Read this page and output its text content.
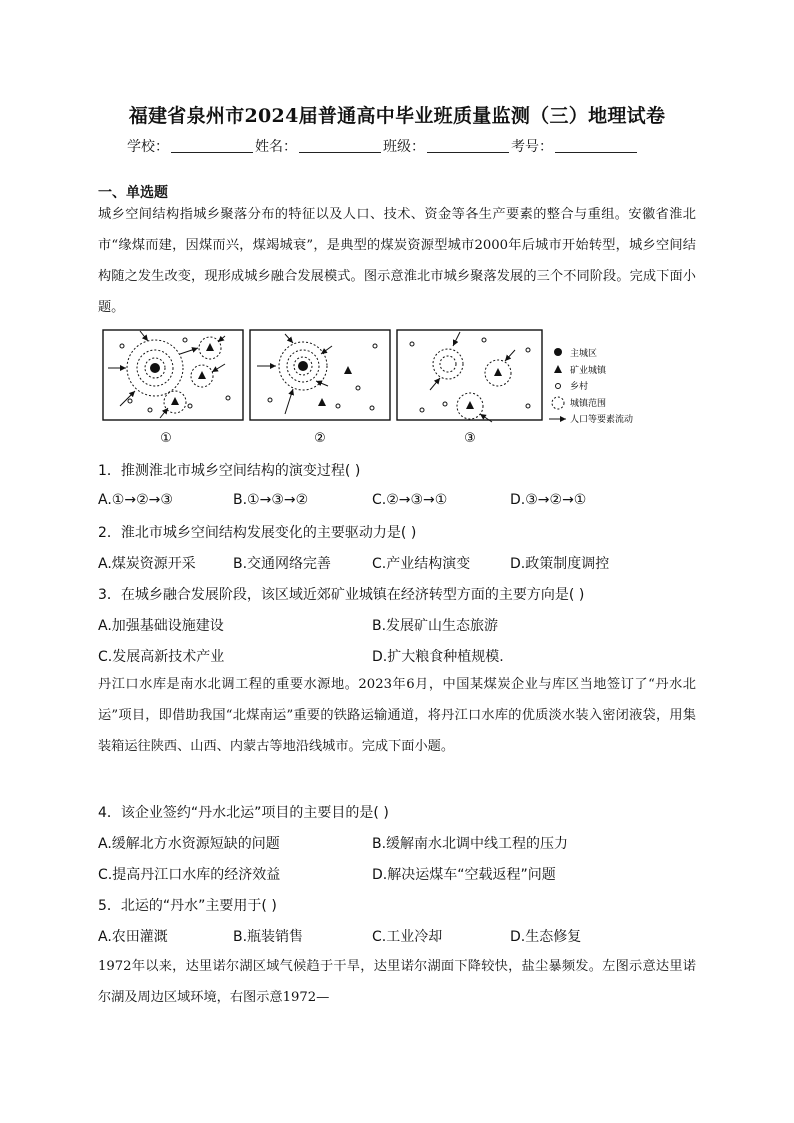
福建省泉州市2024届普通高中毕业班质量监测（三）地理试卷
学校：	姓名：	班级：	考号：
一、单选题
城乡空间结构指城乡聚落分布的特征以及人口、技术、资金等各生产要素的整合与重组。安徽省淮北市“缘煤而建，因煤而兴，煤竭城衰”，是典型的煤炭资源型城市2000年后城市开始转型，城乡空间结构随之发生改变，现形成城乡融合发展模式。图示意淮北市城乡聚落发展的三个不同阶段。完成下面小题。
①	②	③
主城区
矿业城镇
乡村
城镇范围
人口等要素流动
1．推测淮北市城乡空间结构的演变过程( )
A.①→②→③	B.①→③→②	C.②→③→①	D.③→②→①
2．淮北市城乡空间结构发展变化的主要驱动力是( )
A.煤炭资源开采	B.交通网络完善	C.产业结构演变	D.政策制度调控
3．在城乡融合发展阶段，该区域近郊矿业城镇在经济转型方面的主要方向是( )
A.加强基础设施建设	B.发展矿山生态旅游
C.发展高新技术产业	D.扩大粮食种植规模.
丹江口水库是南水北调工程的重要水源地。2023年6月，中国某煤炭企业与库区当地签订了“丹水北运”项目，即借助我国“北煤南运”重要的铁路运输通道，将丹江口水库的优质淡水装入密闭液袋，用集装箱运往陕西、山西、内蒙古等地沿线城市。完成下面小题。
4．该企业签约“丹水北运”项目的主要目的是( )
A.缓解北方水资源短缺的问题	B.缓解南水北调中线工程的压力
C.提高丹江口水库的经济效益	D.解决运煤车“空载返程”问题
5．北运的“丹水”主要用于( )
A.农田灌溉	B.瓶装销售	C.工业冷却	D.生态修复
1972年以来，达里诺尔湖区域气候趋于干旱，达里诺尔湖面下降较快，盐尘暴频发。左图示意达里诺尔湖及周边区域环境，右图示意1972—
